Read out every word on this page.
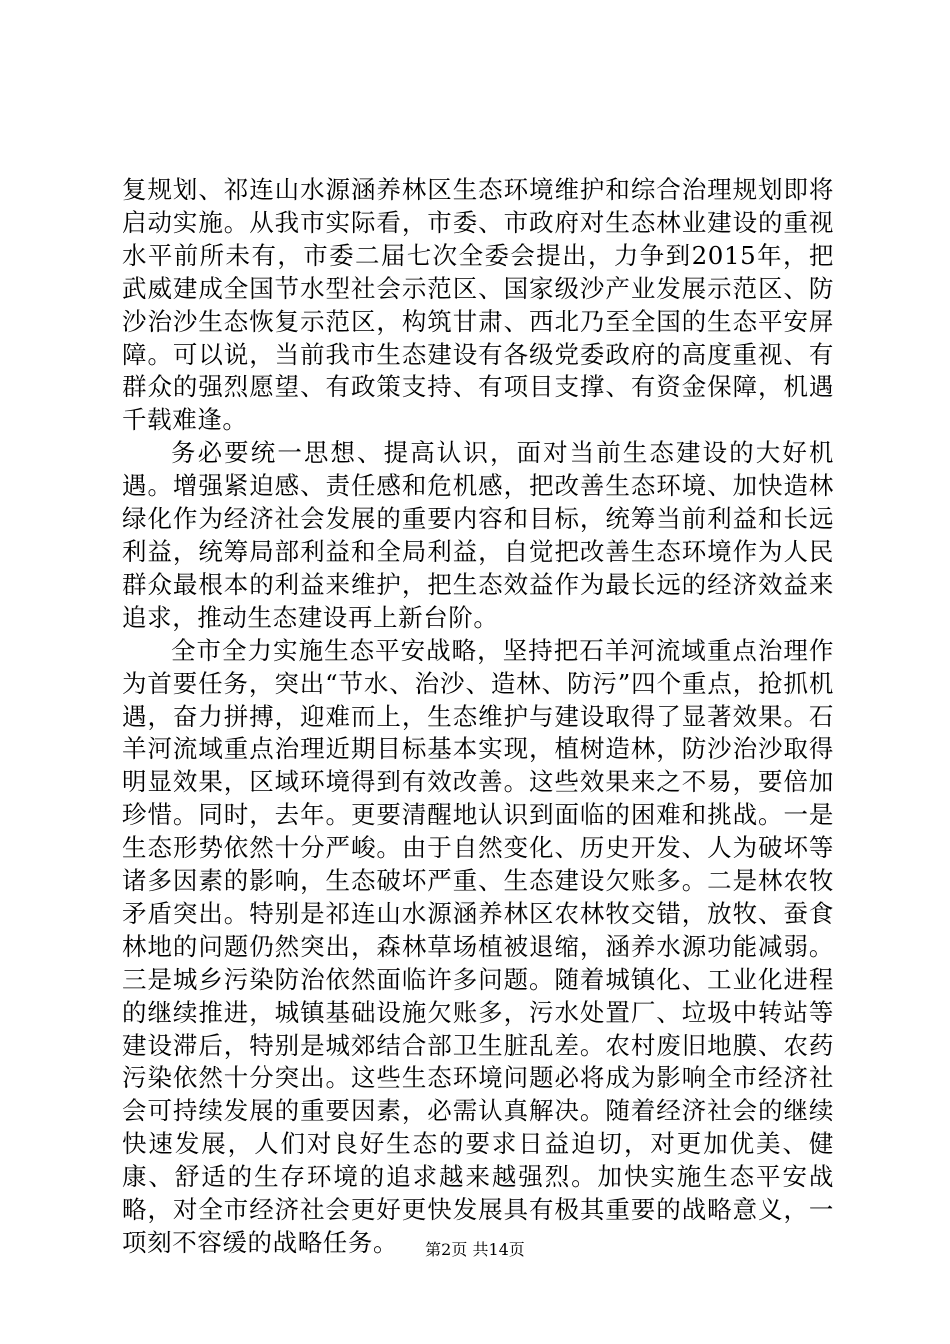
复规划、祁连山水源涵养林区生态环境维护和综合治理规划即将启动实施。从我市实际看，市委、市政府对生态林业建设的重视水平前所未有，市委二届七次全委会提出，力争到2015年，把武威建成全国节水型社会示范区、国家级沙产业发展示范区、防沙治沙生态恢复示范区，构筑甘肃、西北乃至全国的生态平安屏障。可以说，当前我市生态建设有各级党委政府的高度重视、有群众的强烈愿望、有政策支持、有项目支撑、有资金保障，机遇千载难逢。

务必要统一思想、提高认识，面对当前生态建设的大好机遇。增强紧迫感、责任感和危机感，把改善生态环境、加快造林绿化作为经济社会发展的重要内容和目标，统筹当前利益和长远利益，统筹局部利益和全局利益，自觉把改善生态环境作为人民群众最根本的利益来维护，把生态效益作为最长远的经济效益来追求，推动生态建设再上新台阶。

全市全力实施生态平安战略，坚持把石羊河流域重点治理作为首要任务，突出“节水、治沙、造林、防污”四个重点，抢抓机遇，奋力拼搏，迎难而上，生态维护与建设取得了显著效果。石羊河流域重点治理近期目标基本实现，植树造林，防沙治沙取得明显效果，区域环境得到有效改善。这些效果来之不易，要倍加珍惜。同时，去年。更要清醒地认识到面临的困难和挑战。一是生态形势依然十分严峻。由于自然变化、历史开发、人为破坏等诸多因素的影响，生态破坏严重、生态建设欠账多。二是林农牧矛盾突出。特别是祁连山水源涵养林区农林牧交错，放牧、蚕食林地的问题仍然突出，森林草场植被退缩，涵养水源功能减弱。三是城乡污染防治依然面临许多问题。随着城镇化、工业化进程的继续推进，城镇基础设施欠账多，污水处置厂、垃圾中转站等建设滞后，特别是城郊结合部卫生脏乱差。农村废旧地膜、农药污染依然十分突出。这些生态环境问题必将成为影响全市经济社会可持续发展的重要因素，必需认真解决。随着经济社会的继续快速发展，人们对良好生态的要求日益迫切，对更加优美、健康、舒适的生存环境的追求越来越强烈。加快实施生态平安战略，对全市经济社会更好更快发展具有极其重要的战略意义，一项刻不容缓的战略任务。	第2页 共14页
